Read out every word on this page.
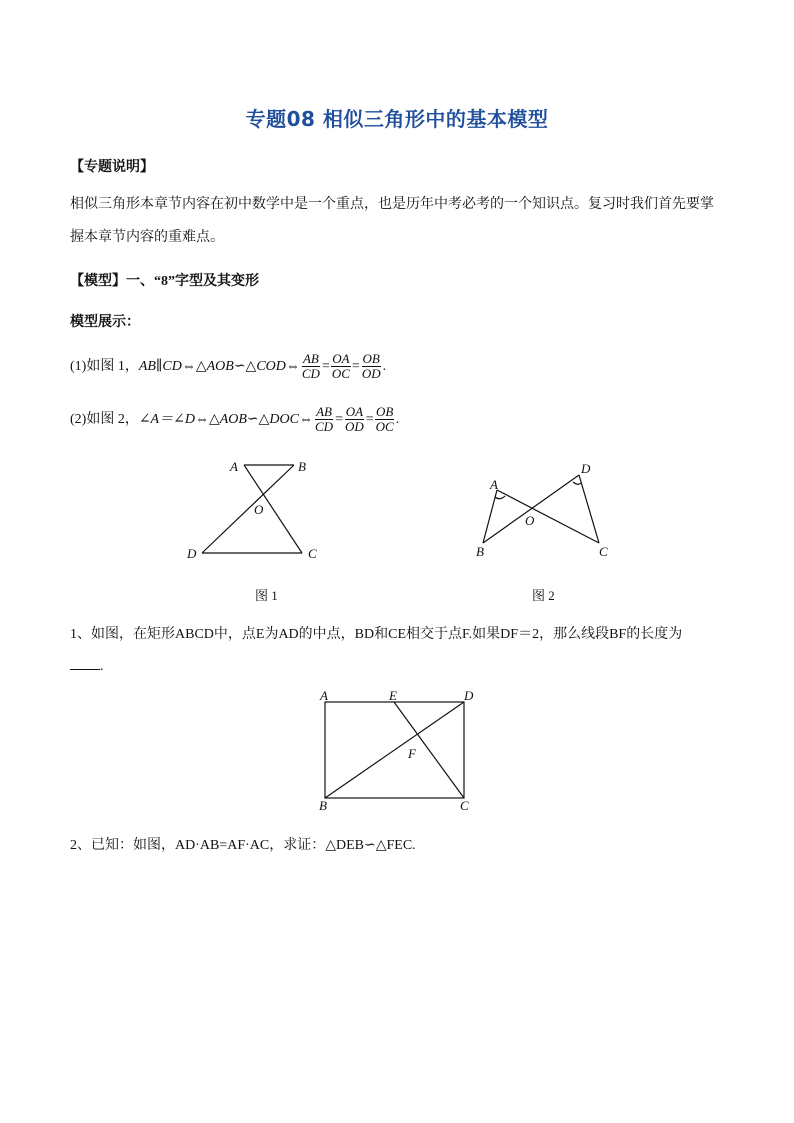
专题08 相似三角形中的基本模型
【专题说明】
相似三角形本章节内容在初中数学中是一个重点，也是历年中考必考的一个知识点。复习时我们首先要掌
握本章节内容的重难点。
【模型】一、“8”字型及其变形
模型展示：
(1)如图 1， AB∥CD⇔△AOB∽△COD⇔ $\frac{AB}{CD} = \frac{OA}{OC} = \frac{OB}{OD}$ .
(2)如图 2， ∠A＝∠D⇔△AOB∽△DOC⇔ $\frac{AB}{CD} = \frac{OA}{OD} = \frac{OB}{OC}$ .
A	B
O
D	C
图 1
A
D
O
B	C
图 2
1、如图，在矩形ABCD中，点E为AD的中点，BD和CE相交于点F.如果DF＝2，那么线段BF的长度为
.
A	E	D
F
B	C
2、已知：如图，AD·AB=AF·AC，求证：△DEB∽△FEC.
